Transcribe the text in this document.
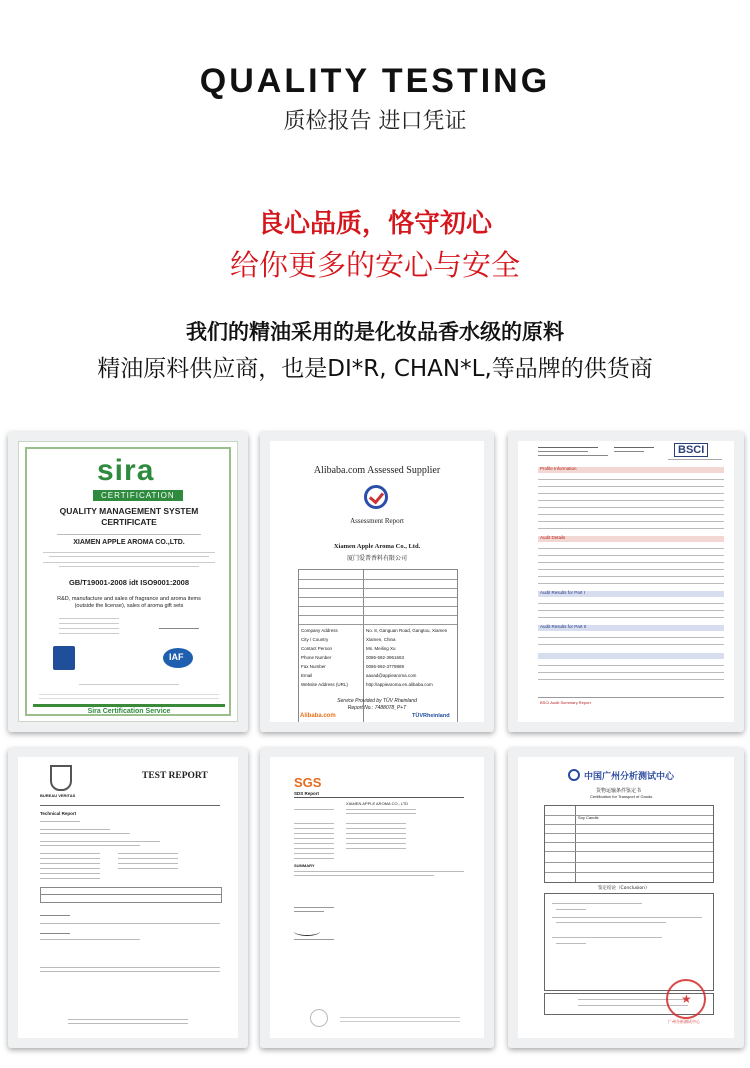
QUALITY TESTING
质检报告 进口凭证
良心品质，恪守初心
给你更多的安心与安全
我们的精油采用的是化妆品香水级的原料
精油原料供应商，也是DI*R, CHAN*L,等品牌的供货商
sira
CERTIFICATION
QUALITY MANAGEMENT SYSTEM
CERTIFICATE
XIAMEN APPLE AROMA CO.,LTD.
GB/T19001-2008 idt ISO9001:2008
R&D, manufacture and sales of fragrance and aroma items
(outside the license), sales of aroma gift sets
IAF
Sira Certification Service
Alibaba.com Assessed Supplier
Assessment Report
Xiamen Apple Aroma Co., Ltd.
厦门爱普香料有限公司
Company Address	No. 8, Ganguan Road, Gangtou, Xiamen
City / Country	Xiamen, China
Contact Person	Ms. Meiling Xu
Phone Number	0086-592-3961663
Fax Number	0086-592-3779889
Email	aaxad@appiearoma.com
Website Address (URL)	http://appiearoma.en.alibaba.com
Service Provided by TÜV Rheinland
Report No.: 7488078_P+T
Alibaba.com	TÜVRheinland
BSCI
Profile Information
Audit Details
Audit Results for Part I
Audit Results for Part II
BSCI Audit Summary Report
BUREAU VERITAS
TEST REPORT
Technical Report
SGS
SDS Report
XIAMEN APPLE AROMA CO., LTD
SUMMARY
中国广州分析测试中心
货物运输条件鉴定书
Certification for Transport of Goods
Soy Candle
鉴定结论（Conclusion）
★
广州分析测试中心
